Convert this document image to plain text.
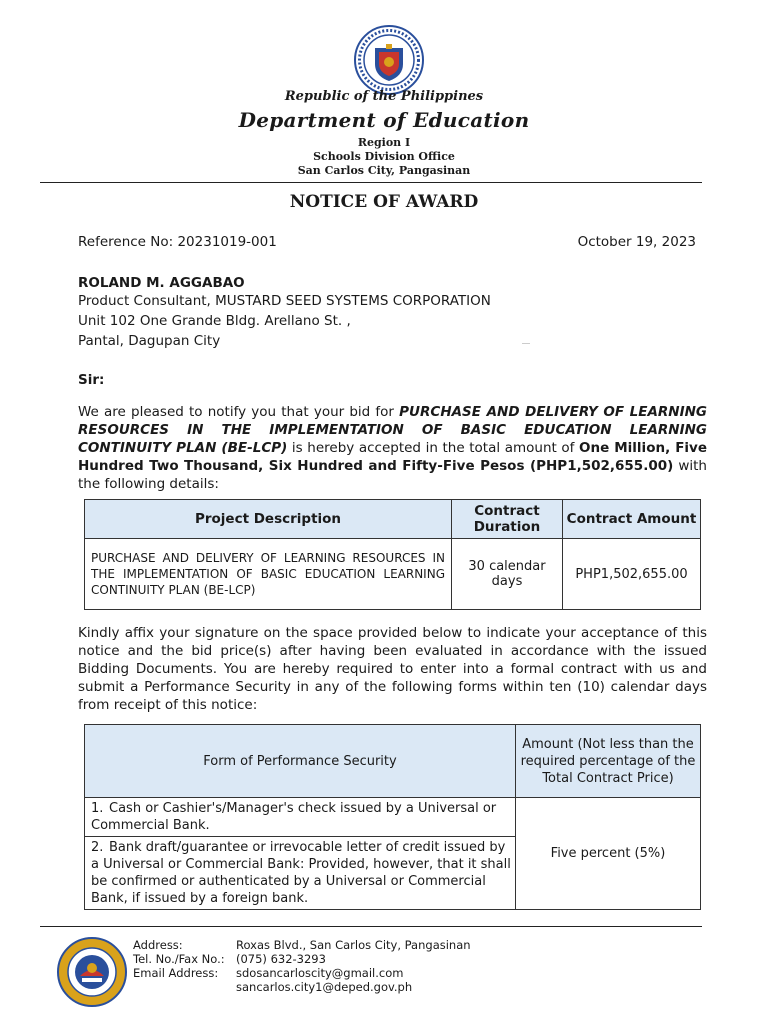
Republic of the Philippines
Department of Education
Region I
Schools Division Office
San Carlos City, Pangasinan
NOTICE OF AWARD
Reference No: 20231019-001	October 19, 2023
ROLAND M. AGGABAO
Product Consultant, MUSTARD SEED SYSTEMS CORPORATION
Unit 102 One Grande Bldg. Arellano St. ,
Pantal, Dagupan City
Sir:
We are pleased to notify you that your bid for PURCHASE AND DELIVERY OF LEARNING RESOURCES IN THE IMPLEMENTATION OF BASIC EDUCATION LEARNING CONTINUITY PLAN (BE-LCP) is hereby accepted in the total amount of One Million, Five Hundred Two Thousand, Six Hundred and Fifty-Five Pesos (PHP1,502,655.00) with the following details:
Project Description	Contract Duration	Contract Amount
PURCHASE AND DELIVERY OF LEARNING RESOURCES IN THE IMPLEMENTATION OF BASIC EDUCATION LEARNING CONTINUITY PLAN (BE-LCP)	30 calendar days	PHP1,502,655.00
Kindly affix your signature on the space provided below to indicate your acceptance of this notice and the bid price(s) after having been evaluated in accordance with the issued Bidding Documents. You are hereby required to enter into a formal contract with us and submit a Performance Security in any of the following forms within ten (10) calendar days from receipt of this notice:
Form of Performance Security	Amount (Not less than the required percentage of the Total Contract Price)
1. Cash or Cashier's/Manager's check issued by a Universal or Commercial Bank.	Five percent (5%)
2. Bank draft/guarantee or irrevocable letter of credit issued by a Universal or Commercial Bank: Provided, however, that it shall be confirmed or authenticated by a Universal or Commercial Bank, if issued by a foreign bank.	
Address:	Roxas Blvd., San Carlos City, Pangasinan
Tel. No./Fax No.: (075) 632-3293
Email Address: sdosancarloscity@gmail.com
sancarlos.city1@deped.gov.ph
